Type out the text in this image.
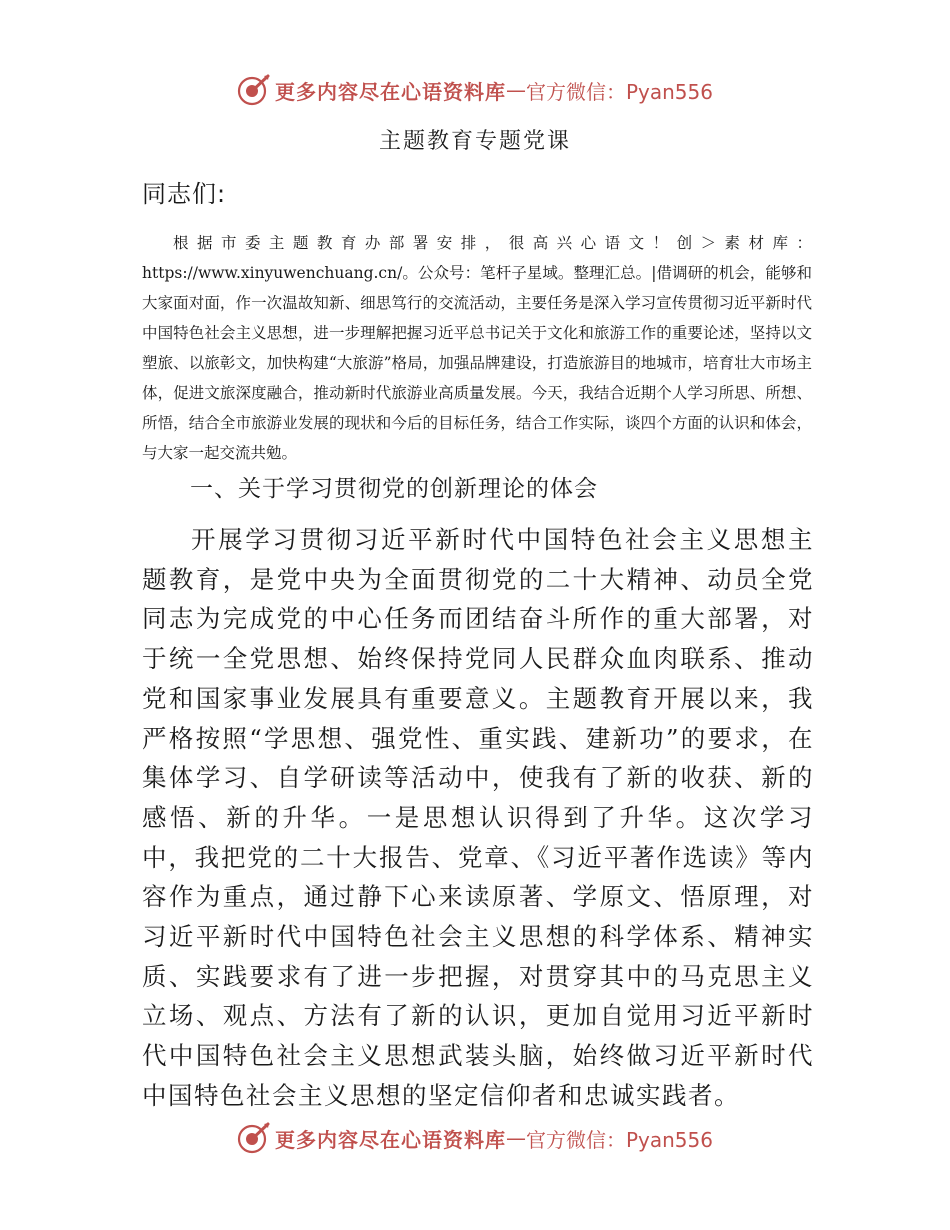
更多内容尽在心语资料库 — 官方微信：Pyan556
主题教育专题党课
同志们:

根据市委主题教育办部署安排，很高兴心语文！创＞素材库：https://www.xinyuwenchuang.cn/。公众号：笔杆子星域。整理汇总。|借调研的机会，能够和大家面对面，作一次温故知新、细思笃行的交流活动，主要任务是深入学习宣传贯彻习近平新时代中国特色社会主义思想，进一步理解把握习近平总书记关于文化和旅游工作的重要论述，坚持以文塑旅、以旅彰文，加快构建“大旅游”格局，加强品牌建设，打造旅游目的地城市，培育壮大市场主体，促进文旅深度融合，推动新时代旅游业高质量发展。今天，我结合近期个人学习所思、所想、所悟，结合全市旅游业发展的现状和今后的目标任务，结合工作实际，谈四个方面的认识和体会，与大家一起交流共勉。

一、关于学习贯彻党的创新理论的体会

开展学习贯彻习近平新时代中国特色社会主义思想主题教育，是党中央为全面贯彻党的二十大精神、动员全党同志为完成党的中心任务而团结奋斗所作的重大部署，对于统一全党思想、始终保持党同人民群众血肉联系、推动党和国家事业发展具有重要意义。主题教育开展以来，我严格按照“学思想、强党性、重实践、建新功”的要求，在集体学习、自学研读等活动中，使我有了新的收获、新的感悟、新的升华。一是思想认识得到了升华。这次学习中，我把党的二十大报告、党章、《习近平著作选读》等内容作为重点，通过静下心来读原著、学原文、悟原理，对习近平新时代中国特色社会主义思想的科学体系、精神实质、实践要求有了进一步把握，对贯穿其中的马克思主义立场、观点、方法有了新的认识，更加自觉用习近平新时代中国特色社会主义思想武装头脑，始终做习近平新时代中国特色社会主义思想的坚定信仰者和忠诚实践者。

更多内容尽在心语资料库 — 官方微信：Pyan556
